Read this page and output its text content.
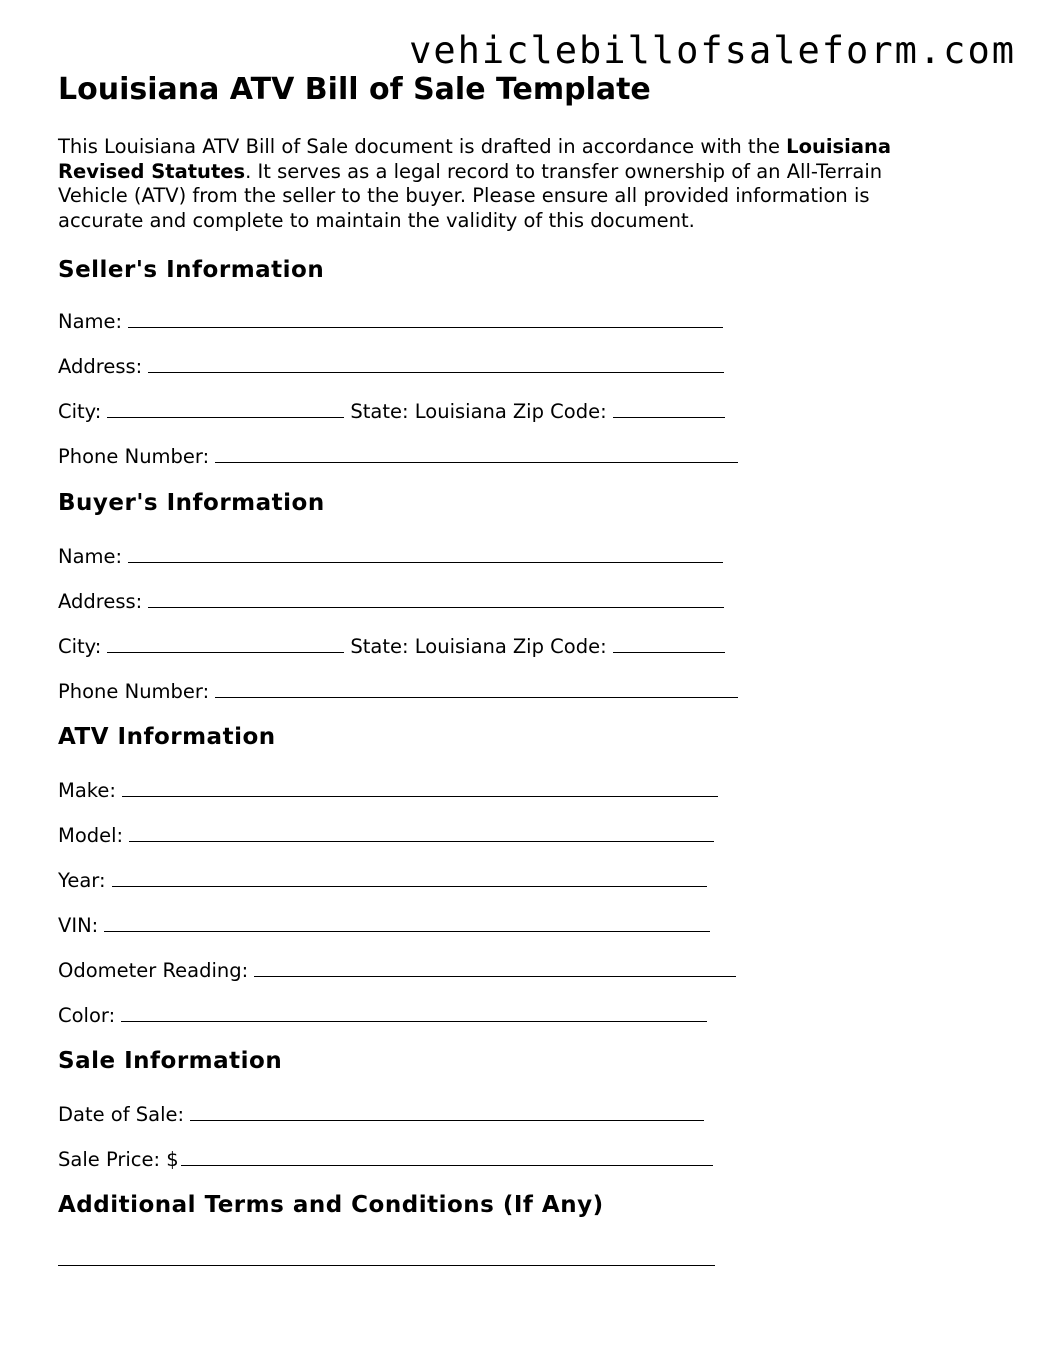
vehiclebillofsaleform.com
Louisiana ATV Bill of Sale Template

This Louisiana ATV Bill of Sale document is drafted in accordance with the Louisiana Revised Statutes. It serves as a legal record to transfer ownership of an All-Terrain Vehicle (ATV) from the seller to the buyer. Please ensure all provided information is accurate and complete to maintain the validity of this document.

Seller's Information
Name:
Address:
City:	State: Louisiana Zip Code:
Phone Number:
Buyer's Information
Name:
Address:
City:	State: Louisiana Zip Code:
Phone Number:
ATV Information
Make:
Model:
Year:
VIN:
Odometer Reading:
Color:
Sale Information
Date of Sale:
Sale Price: $
Additional Terms and Conditions (If Any)
